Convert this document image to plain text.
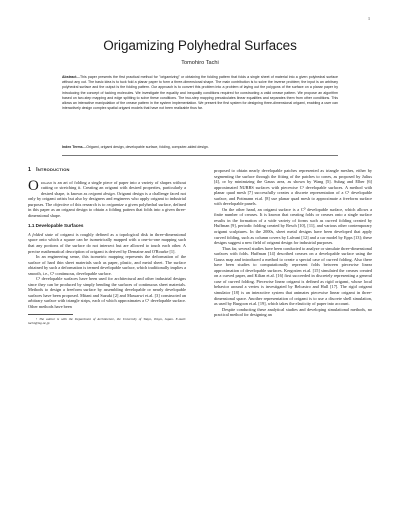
1
Origamizing Polyhedral Surfaces
Tomohiro Tachi
Abstract—This paper presents the first practical method for "origamizing" or obtaining the folding pattern that folds a single sheet of material into a given polyhedral surface without any cut. The basic idea is to tuck fold a planar paper to form a three-dimensional shape. The main contribution is to solve the inverse problem; the input is an arbitrary polyhedral surface and the output is the folding pattern. Our approach is to convert this problem into a problem of laying out the polygons of the surface on a planar paper by introducing the concept of tucking molecules. We investigate the equality and inequality conditions required for constructing a valid crease pattern. We propose an algorithm based on two-step mapping and edge splitting to solve these conditions. The two-step mapping precalculates linear equalities and separates them from other conditions. This allows an interactive manipulation of the crease pattern in the system implementation. We present the first system for designing three-dimensional origami, enabling a user can interactively design complex spatial origami models that have not been realizable thus far.
Index Terms—Origami, origami design, developable surface, folding, computer-aided design.
1 Introduction

Origami is an art of folding a single piece of paper into a variety of shapes without cutting or stretching it. Creating an origami with desired properties, particularly a desired shape, is known as origami design. Origami design is a challenge faced not only by origami artists but also by designers and engineers who apply origami to industrial purposes. The objective of this research is to origamize a given polyhedral surface, defined in this paper as an origami design to obtain a folding pattern that folds into a given three-dimensional shape.

1.1 Developable Surfaces

A folded state of origami is roughly defined as a topological disk in three-dimensional space onto which a square can be isometrically mapped with a one-to-one mapping such that any portions of the surface do not intersect but are allowed to touch each other. A precise mathematical description of origami is derived by Demaine and O'Rourke [1].

In an engineering sense, this isometric mapping represents the deformation of the surface of hard thin sheet materials such as paper, plastic, and metal sheet. The surface obtained by such a deformation is termed developable surface, which traditionally implies a smooth, i.e., C¹ continuous, developable surface.

C¹ developable surfaces have been used for architectural and other industrial designs since they can be produced by simply bending the surfaces of continuous sheet materials. Methods to design a freeform surface by assembling developable or nearly developable surfaces have been proposed. Mitani and Suzuki [2] and Massarwi et.al. [3] constructed an arbitrary surface with triangle strips, each of which approximates a C¹ developable surface. Other methods have been

• The author is with the Department of Architecture, the University of Tokyo, Tokyo, Japan. E-mail: tachi@tsg.ne.jp

proposed to obtain nearly developable patches represented as triangle meshes, either by segmenting the surface through the fitting of the patches to cones, as proposed by Julius [4], or by minimizing the Gauss area, as shown by Wang [5]. Subag and Elber [6] approximated NURBS surfaces with piecewise C¹ developable surfaces. A method with planar quad mesh [7] successfully creates a discrete representation of a C¹ developable surface, and Pottmann et.al. [8] use planar quad mesh to approximate a freeform surface with developable panels.

On the other hand, an origami surface is a C⁰ developable surface, which allows a finite number of creases. It is known that creating folds or creases onto a single surface results in the formation of a wide variety of forms such as curved folding created by Huffman [9], periodic folding created by Resch [10], [11], and various other contemporary origami sculptures. In the 2000s, sheet metal designs have been developed that apply curved folding, such as column covers by Lalvani [12] and a car model by Epps [13]; these designs suggest a new field of origami design for industrial purposes.

Thus far, several studies have been conducted to analyze or simulate three-dimensional surfaces with folds. Huffman [14] described creases on a developable surface using the Gauss map and introduced a method to create a special case of curved folding. Also there have been studies to computationally represent folds between piecewise linear approximation of developable surfaces. Kergosien et.al. [15] simulated the creases created on a curved paper, and Kilian et.al. [16] first succeeded in discretely representing a general case of curved folding. Piecewise linear origami is defined as rigid origami, whose local behavior around a vertex is investigated by Belcastro and Hull [17]. The rigid origami simulator [18] is an interactive system that animates piecewise linear origami in three-dimensional space. Another representation of origami is to use a discrete shell simulation, as used by Burgoon et.al. [19], which takes the elasticity of paper into account.

Despite conducting these analytical studies and developing simulational methods, no practical method for designing an
